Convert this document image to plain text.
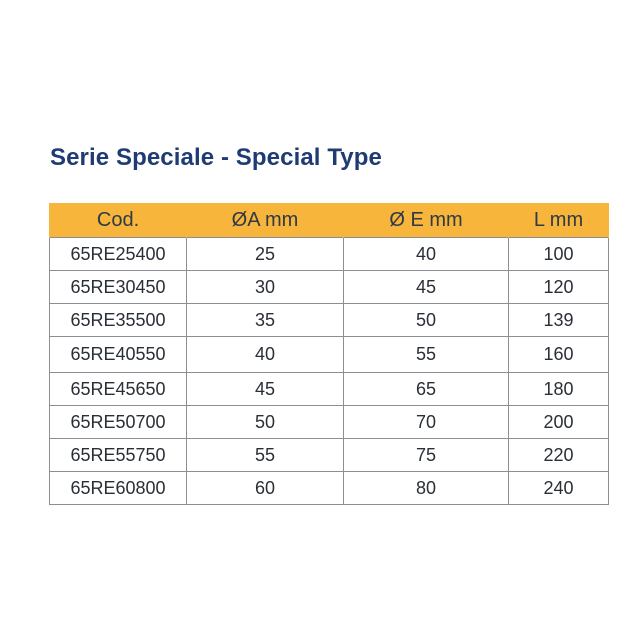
Serie Speciale - Special Type
Cod.	ØA mm	Ø E mm	L mm
65RE25400	25	40	100
65RE30450	30	45	120
65RE35500	35	50	139
65RE40550	40	55	160
65RE45650	45	65	180
65RE50700	50	70	200
65RE55750	55	75	220
65RE60800	60	80	240
